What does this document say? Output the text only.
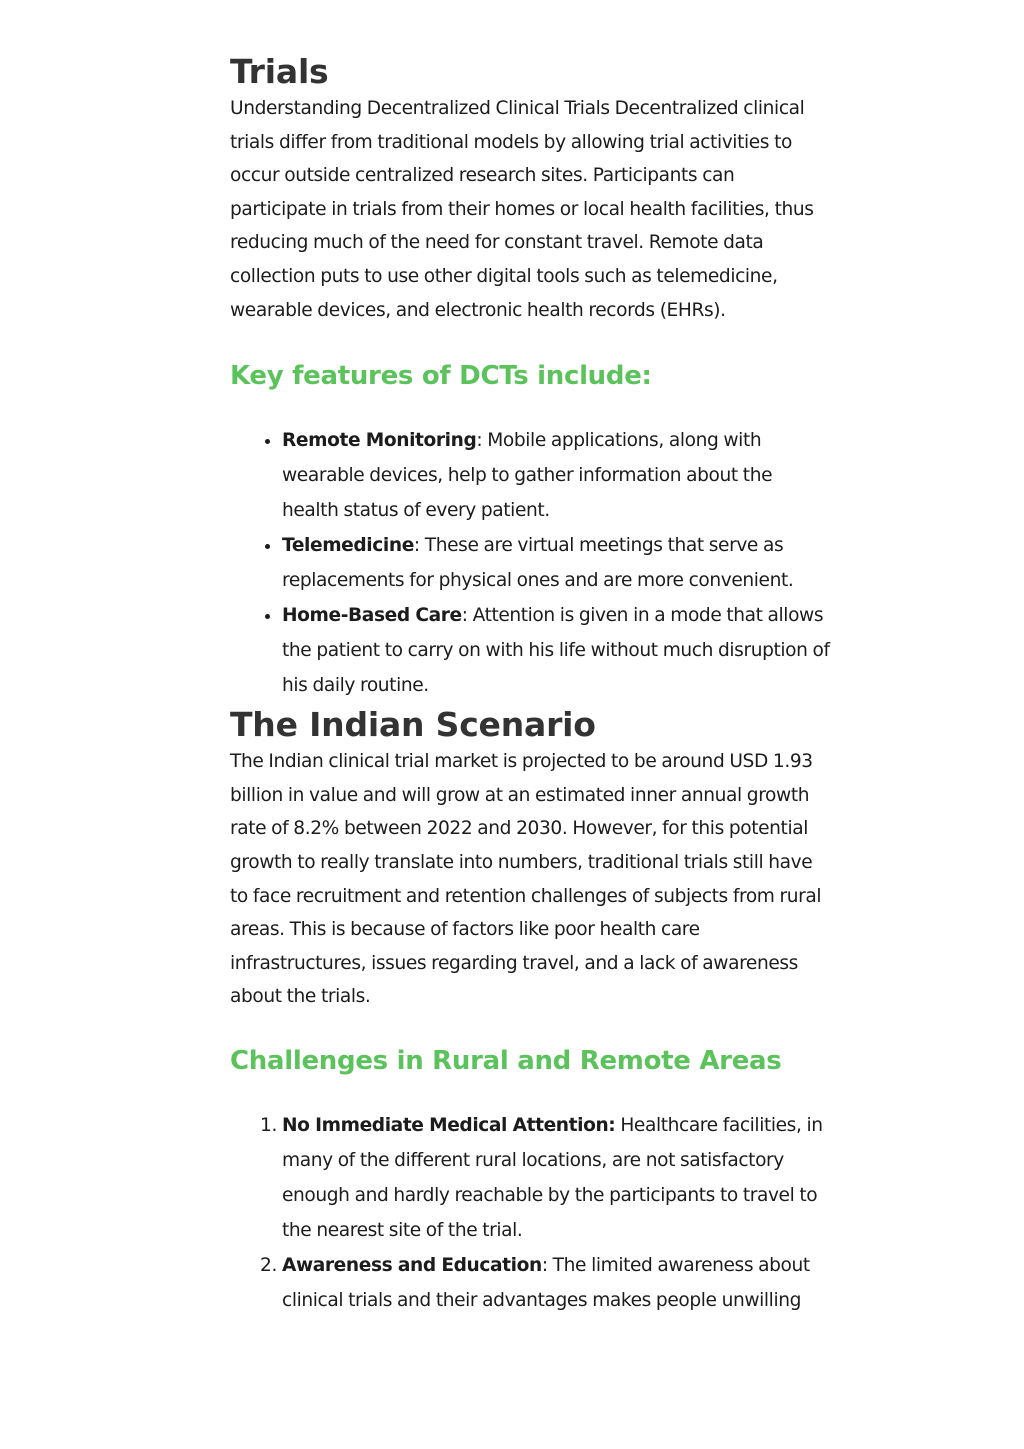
Trials

Understanding Decentralized Clinical Trials Decentralized clinical trials differ from traditional models by allowing trial activities to occur outside centralized research sites. Participants can participate in trials from their homes or local health facilities, thus reducing much of the need for constant travel. Remote data collection puts to use other digital tools such as telemedicine, wearable devices, and electronic health records (EHRs).

Key features of DCTs include:
• Remote Monitoring: Mobile applications, along with wearable devices, help to gather information about the health status of every patient.
• Telemedicine: These are virtual meetings that serve as replacements for physical ones and are more convenient.
• Home-Based Care: Attention is given in a mode that allows the patient to carry on with his life without much disruption of his daily routine.
The Indian Scenario

The Indian clinical trial market is projected to be around USD 1.93 billion in value and will grow at an estimated inner annual growth rate of 8.2% between 2022 and 2030. However, for this potential growth to really translate into numbers, traditional trials still have to face recruitment and retention challenges of subjects from rural areas. This is because of factors like poor health care infrastructures, issues regarding travel, and a lack of awareness about the trials.

Challenges in Rural and Remote Areas
1. No Immediate Medical Attention: Healthcare facilities, in many of the different rural locations, are not satisfactory enough and hardly reachable by the participants to travel to the nearest site of the trial.
2. Awareness and Education: The limited awareness about clinical trials and their advantages makes people unwilling
